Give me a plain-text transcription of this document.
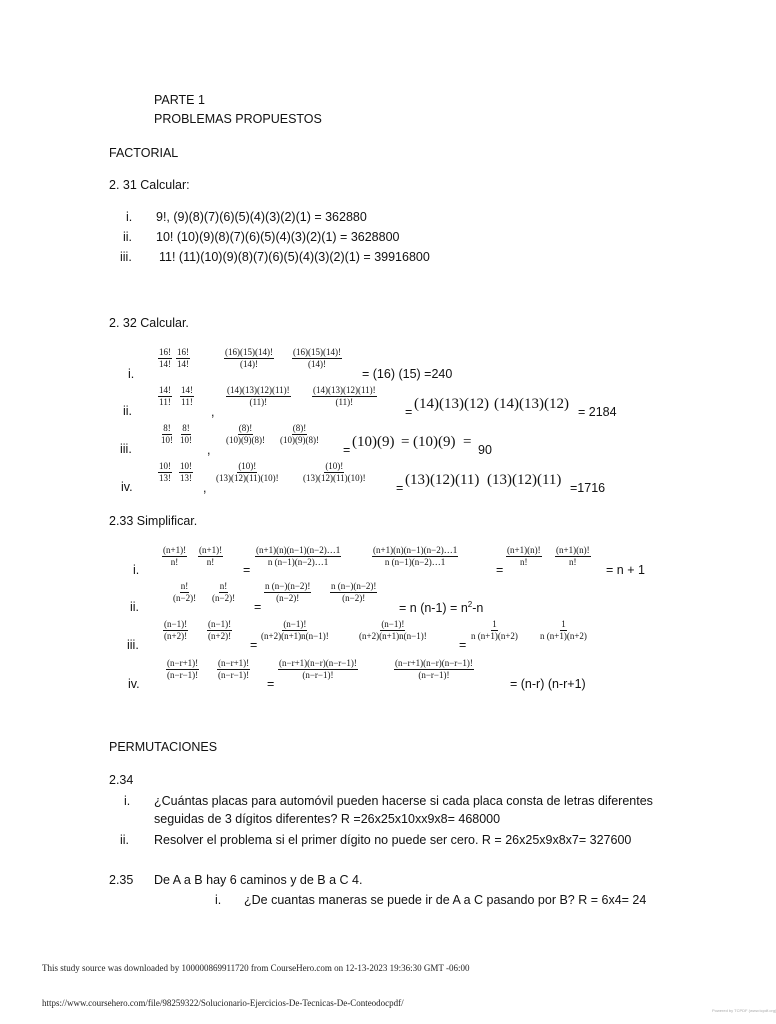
PARTE 1
PROBLEMAS PROPUESTOS
FACTORIAL
2. 31 Calcular:
i. 9!, (9)(8)(7)(6)(5)(4)(3)(2)(1) = 362880
ii. 10! (10)(9)(8)(7)(6)(5)(4)(3)(2)(1) = 3628800
iii. 11! (11)(10)(9)(8)(7)(6)(5)(4)(3)(2)(1) = 39916800
2. 32 Calcular.
i.
$\frac{16!}{14!} \frac{16!}{14!}$	$\frac{(16)(15)(14)!}{(14)!} \frac{(16)(15)(14)!}{(14)!}$
= (16) (15) =240
ii.
$\frac{14!}{11!} \frac{14!}{11!}$
,
$\frac{(14)(13)(12)(11)!}{(11)!} \frac{(14)(13)(12)(11)!}{(11)!}$
= (14)(13)(12) (14)(13)(12) = 2184
iii.
$\frac{8!}{10!} \frac{8!}{10!}$
,
$\frac{(8)!}{(10)(9)(8)!} \frac{(8)!}{(10)(9)(8)!}$
= (10)(9) = (10)(9) = 90
iv.
$\frac{10!}{13!} \frac{10!}{13!}$
,
$\frac{(10)!}{(13)(12)(11)(10)!} \frac{(10)!}{(13)(12)(11)(10)!}$
= (13)(12)(11) (13)(12)(11) =1716
2.33 Simplificar.
i.
$\frac{(n+1)!}{n!} \frac{(n+1)!}{n!}$
=
$\frac{(n+1)(n)(n-1)(n-2)\dots 1}{n (n-1)(n-2)\dots 1}$	$\frac{(n+1)(n)(n-1)(n-2)\dots 1}{n (n-1)(n-2)\dots 1}$
=
$\frac{(n+1)(n)!}{n!} \frac{(n+1)(n)!}{n!}$
= n + 1
ii.
$\frac{n!}{(n-2)!} \frac{n!}{(n-2)!}$
=
$\frac{n (n-)(n-2)!}{(n-2)!} \frac{n (n-)(n-2)!}{(n-2)!}$
= n $(n-1) = n^2-n$
iii.
$\frac{(n-1)!}{(n+2)!} \frac{(n-1)!}{(n+2)!}$
=
$\frac{(n-1)!}{(n+2)(n+1)n(n-1)!}$	$\frac{(n-1)!}{(n+2)(n+1)n(n-1)!}$
=
$\frac{1}{n (n+1)(n+2)} \frac{1}{n (n+1)(n+2)}$
iv.
$\frac{(n-r+1)!}{(n-r-1)!} \frac{(n-r+1)!}{(n-r-1)!}$
=
$\frac{(n-r+1)(n-r)(n-r-1)!}{(n-r-1)!}$	$\frac{(n-r+1)(n-r)(n-r-1)!}{(n-r-1)!}$
= (n-r) (n-r+1)
PERMUTACIONES
2.34
i. ¿Cuántas placas para automóvil pueden hacerse si cada placa consta de letras diferentes
seguidas de 3 dígitos diferentes? R =26x25x10xx9x8= 468000
ii. Resolver el problema si el primer dígito no puede ser cero. R = 26x25x9x8x7= 327600
2.35 De A a B hay 6 caminos y de B a C 4.
i. ¿De cuantas maneras se puede ir de A a C pasando por B? R = 6x4= 24
This study source was downloaded by 100000869911720 from CourseHero.com on 12-13-2023 19:36:30 GMT -06:00
https://www.coursehero.com/file/98259322/Solucionario-Ejercicios-De-Tecnicas-De-Conteodocpdf/
Powered by TCPDF (www.tcpdf.org)
